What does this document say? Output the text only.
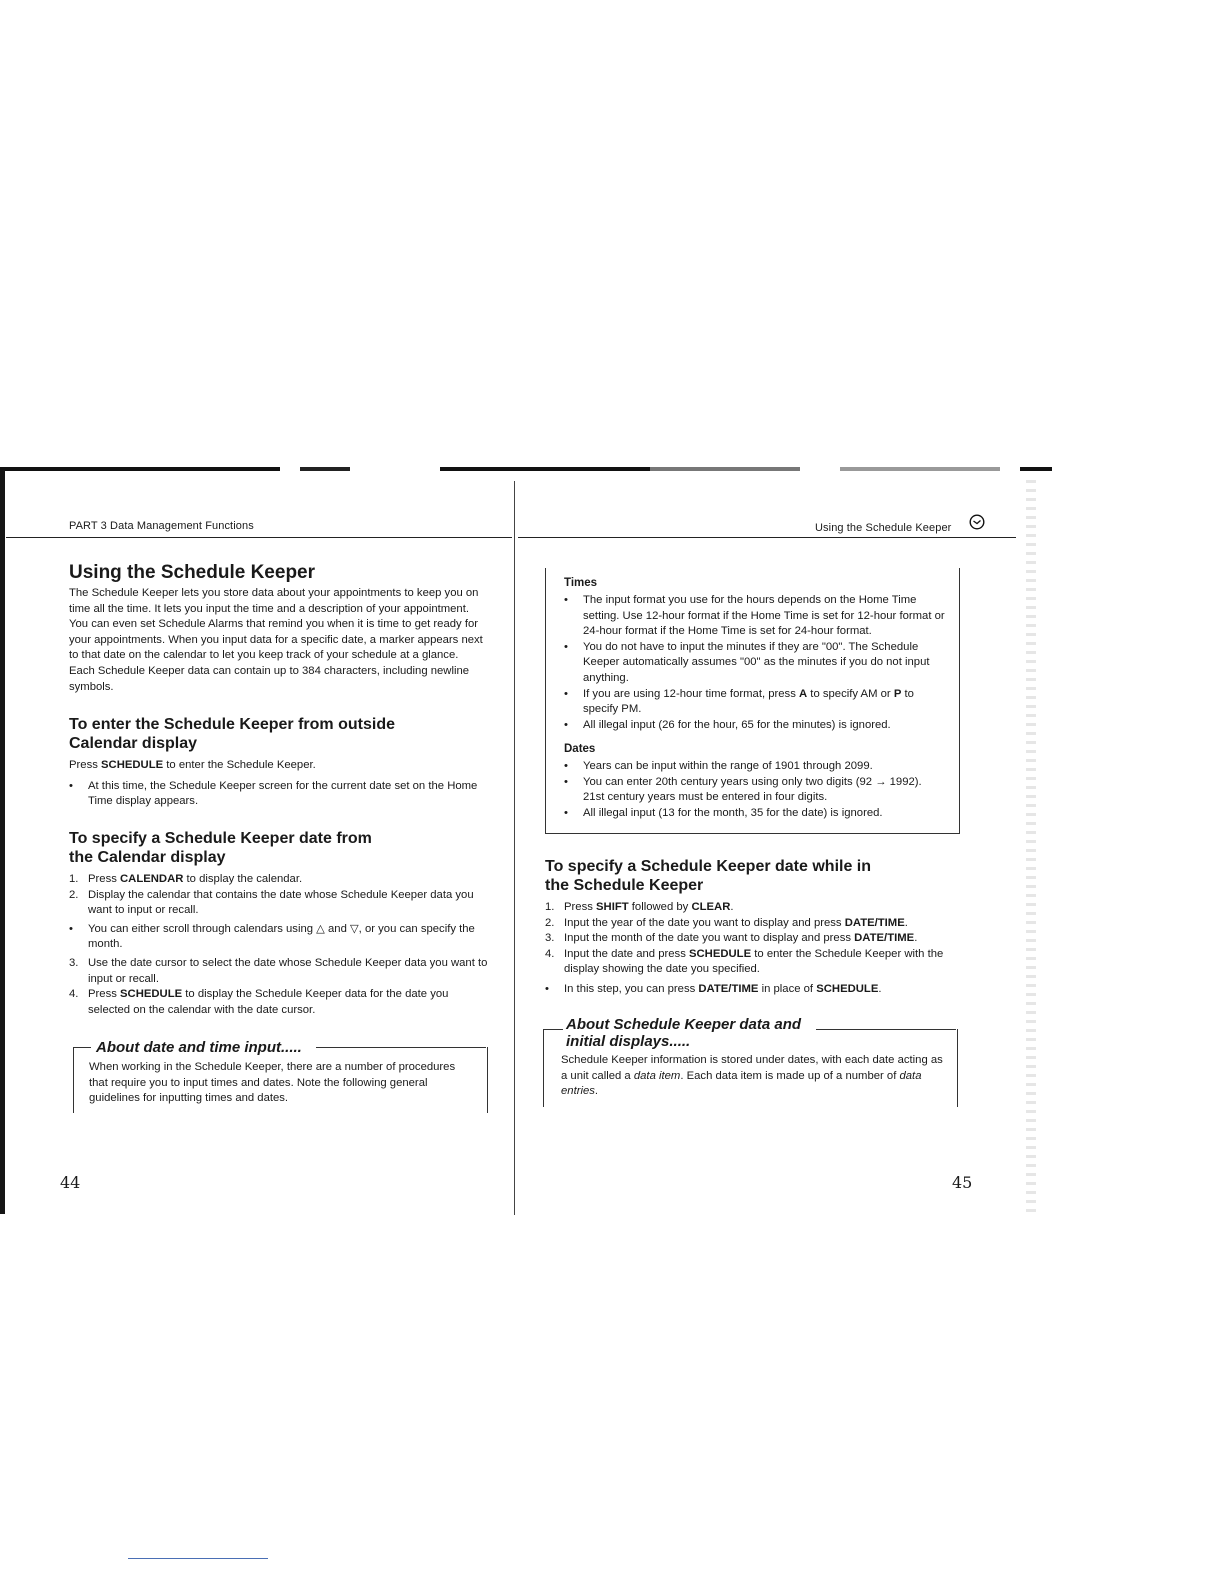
PART 3 Data Management Functions
Using the Schedule Keeper

The Schedule Keeper lets you store data about your appointments to keep you on time all the time. It lets you input the time and a description of your appointment. You can even set Schedule Alarms that remind you when it is time to get ready for your appointments. When you input data for a specific date, a marker appears next to that date on the calendar to let you keep track of your schedule at a glance. Each Schedule Keeper data can contain up to 384 characters, including newline symbols.

To enter the Schedule Keeper from outside
Calendar display

Press SCHEDULE to enter the Schedule Keeper.

• At this time, the Schedule Keeper screen for the current date set on the Home Time display appears.
To specify a Schedule Keeper date from
the Calendar display
1. Press CALENDAR to display the calendar.
2. Display the calendar that contains the date whose Schedule Keeper data you want to input or recall.
• You can either scroll through calendars using △ and ▽, or you can specify the month.
3. Use the date cursor to select the date whose Schedule Keeper data you want to input or recall.
4. Press SCHEDULE to display the Schedule Keeper data for the date you selected on the calendar with the date cursor.
About date and time input.....

When working in the Schedule Keeper, there are a number of procedures that require you to input times and dates. Note the following general guidelines for inputting times and dates.

44
Using the Schedule Keeper
Times
• The input format you use for the hours depends on the Home Time setting. Use 12-hour format if the Home Time is set for 12-hour format or 24-hour format if the Home Time is set for 24-hour format.
• You do not have to input the minutes if they are "00". The Schedule Keeper automatically assumes "00" as the minutes if you do not input anything.
• If you are using 12-hour time format, press A to specify AM or P to specify PM.
• All illegal input (26 for the hour, 65 for the minutes) is ignored.
Dates
• Years can be input within the range of 1901 through 2099.
• You can enter 20th century years using only two digits (92 → 1992). 21st century years must be entered in four digits.
• All illegal input (13 for the month, 35 for the date) is ignored.
To specify a Schedule Keeper date while in
the Schedule Keeper
1. Press SHIFT followed by CLEAR.
2. Input the year of the date you want to display and press DATE/TIME.
3. Input the month of the date you want to display and press DATE/TIME.
4. Input the date and press SCHEDULE to enter the Schedule Keeper with the display showing the date you specified.
• In this step, you can press DATE/TIME in place of SCHEDULE.
About Schedule Keeper data and
initial displays.....

Schedule Keeper information is stored under dates, with each date acting as a unit called a data item. Each data item is made up of a number of data entries.

45
